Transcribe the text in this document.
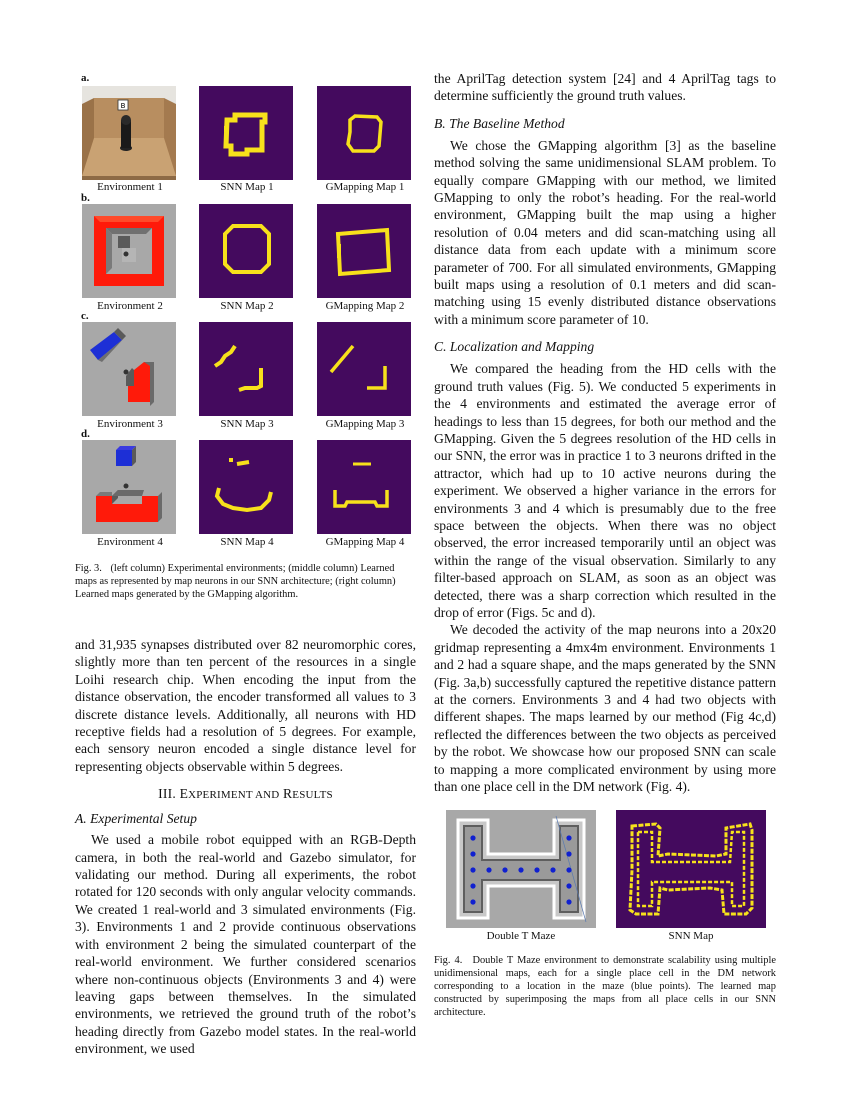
a.
B
Environment 1	SNN Map 1	GMapping Map 1
b.
Environment 2	SNN Map 2	GMapping Map 2
c.
Environment 3	SNN Map 3	GMapping Map 3
d.
Environment 4	SNN Map 4	GMapping Map 4
Fig. 3. (left column) Experimental environments; (middle column) Learned maps as represented by map neurons in our SNN architecture; (right column) Learned maps generated by the GMapping algorithm.

and 31,935 synapses distributed over 82 neuromorphic cores, slightly more than ten percent of the resources in a single Loihi research chip. When encoding the input from the distance observation, the encoder transformed all values to 3 discrete distance levels. Additionally, all neurons with HD receptive fields had a resolution of 5 degrees. For example, each sensory neuron encoded a single distance level for representing objects observable within 5 degrees.

III. EXPERIMENT AND RESULTS
A. Experimental Setup

We used a mobile robot equipped with an RGB-Depth camera, in both the real-world and Gazebo simulator, for validating our method. During all experiments, the robot rotated for 120 seconds with only angular velocity commands. We created 1 real-world and 3 simulated environments (Fig. 3). Environments 1 and 2 provide continuous observations with environment 2 being the simulated counterpart of the real-world environment. We further considered scenarios where non-continuous objects (Environments 3 and 4) were leaving gaps between themselves. In the simulated environments, we retrieved the ground truth of the robot’s heading directly from Gazebo model states. In the real-world environment, we used

the AprilTag detection system [24] and 4 AprilTag tags to determine sufficiently the ground truth values.

B. The Baseline Method

We chose the GMapping algorithm [3] as the baseline method solving the same unidimensional SLAM problem. To equally compare GMapping with our method, we limited GMapping to only the robot’s heading. For the real-world environment, GMapping built the map using a higher resolution of 0.04 meters and did scan-matching using all distance data from each update with a minimum score parameter of 700. For all simulated environments, GMapping built maps using a resolution of 0.1 meters and did scan-matching using 15 evenly distributed distance observations with a minimum score parameter of 10.

C. Localization and Mapping

We compared the heading from the HD cells with the ground truth values (Fig. 5). We conducted 5 experiments in the 4 environments and estimated the average error of headings to less than 15 degrees, for both our method and the GMapping. Given the 5 degrees resolution of the HD cells in our SNN, the error was in practice 1 to 3 neurons drifted in the attractor, which had up to 10 active neurons during the experiment. We observed a higher variance in the errors for environments 3 and 4 which is presumably due to the free space between the objects. When there was no object observed, the error increased temporarily until an object was within the range of the visual observation. Similarly to any filter-based approach on SLAM, as soon as an object was detected, there was a sharp correction which resulted in the drop of error (Figs. 5c and d).

We decoded the activity of the map neurons into a 20x20 gridmap representing a 4mx4m environment. Environments 1 and 2 had a square shape, and the maps generated by the SNN (Fig. 3a,b) successfully captured the repetitive distance pattern at the corners. Environments 3 and 4 had two objects with different shapes. The maps learned by our method (Fig 4c,d) reflected the differences between the two objects as perceived by the robot. We showcase how our proposed SNN can scale to mapping a more complicated environment by using more than one place cell in the DM network (Fig. 4).

Double T Maze	SNN Map
Fig. 4. Double T Maze environment to demonstrate scalability using multiple unidimensional maps, each for a single place cell in the DM network corresponding to a location in the maze (blue points). The learned map constructed by superimposing the maps from all place cells in our SNN architecture.
